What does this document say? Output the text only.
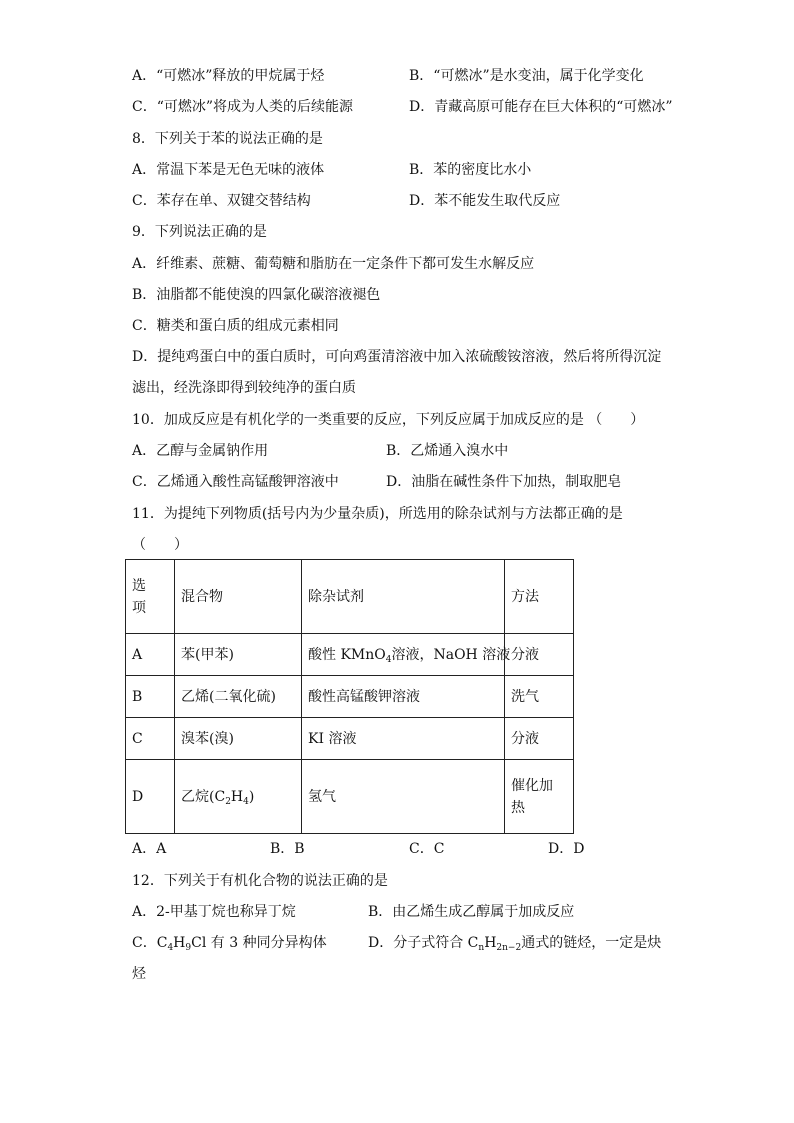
A．“可燃冰”释放的甲烷属于烃	B．“可燃冰”是水变油，属于化学变化
C．“可燃冰”将成为人类的后续能源	D．青藏高原可能存在巨大体积的“可燃冰”
8．下列关于苯的说法正确的是
A．常温下苯是无色无味的液体	B．苯的密度比水小
C．苯存在单、双键交替结构	D．苯不能发生取代反应
9．下列说法正确的是
A．纤维素、蔗糖、葡萄糖和脂肪在一定条件下都可发生水解反应
B．油脂都不能使溴的四氯化碳溶液褪色
C．糖类和蛋白质的组成元素相同
D．提纯鸡蛋白中的蛋白质时，可向鸡蛋清溶液中加入浓硫酸铵溶液，然后将所得沉淀
滤出，经洗涤即得到较纯净的蛋白质
10．加成反应是有机化学的一类重要的反应，下列反应属于加成反应的是 （　　）
A．乙醇与金属钠作用	B．乙烯通入溴水中
C．乙烯通入酸性高锰酸钾溶液中	D．油脂在碱性条件下加热，制取肥皂
11．为提纯下列物质(括号内为少量杂质)，所选用的除杂试剂与方法都正确的是
（　　）
选
项	混合物	除杂试剂	方法
A	苯(甲苯)	酸性 KMnO$_4$溶液，NaOH 溶液	分液
B	乙烯(二氧化硫)	酸性高锰酸钾溶液	洗气
C	溴苯(溴)	KI 溶液	分液
D	乙烷$(C_2H_4)$	氢气	催化加
热
A．A	B．B	C．C	D．D
12．下列关于有机化合物的说法正确的是
A．2-甲基丁烷也称异丁烷	B．由乙烯生成乙醇属于加成反应
C．$C_4H_9Cl$ 有 3 种同分异构体	D．分子式符合 $C_nH_{2n-2}$通式的链烃，一定是炔
烃
